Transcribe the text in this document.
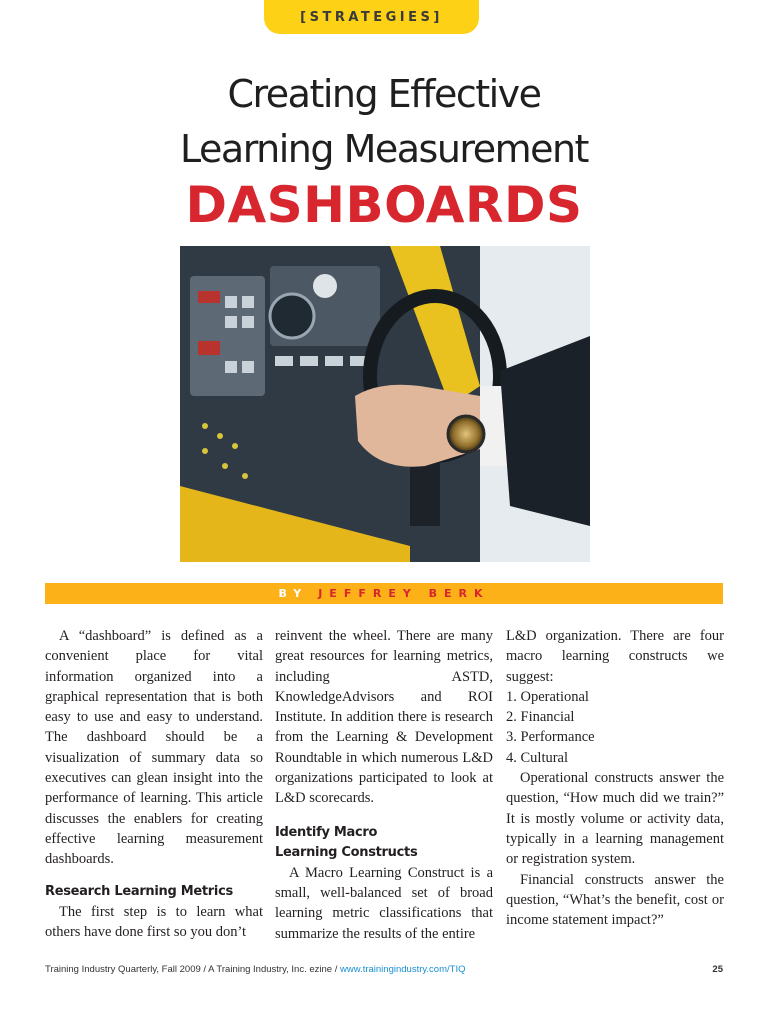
[STRATEGIES]
Creating Effective
Learning Measurement
DASHBOARDS
BY JEFFREY BERK

A “dashboard” is defined as a convenient place for vital information organized into a graphical representation that is both easy to use and easy to understand. The dashboard should be a visualization of summary data so executives can glean insight into the performance of learning. This article discusses the enablers for creating effective learning measurement dashboards.

Research Learning Metrics

The first step is to learn what others have done first so you don’t

reinvent the wheel. There are many great resources for learning metrics, including ASTD, KnowledgeAdvisors and ROI Institute. In addition there is research from the Learning & Development Roundtable in which numerous L&D organizations participated to look at L&D scorecards.

Identify Macro
Learning Constructs

A Macro Learning Construct is a small, well-balanced set of broad learning metric classifications that summarize the results of the entire

L&D organization. There are four macro learning constructs we suggest:

1. Operational
2. Financial
3. Performance
4. Cultural

Operational constructs answer the question, “How much did we train?” It is mostly volume or activity data, typically in a learning management or registration system.

Financial constructs answer the question, “What’s the benefit, cost or income statement impact?”

Training Industry Quarterly, Fall 2009 / A Training Industry, Inc. ezine / www.trainingindustry.com/TIQ	25
